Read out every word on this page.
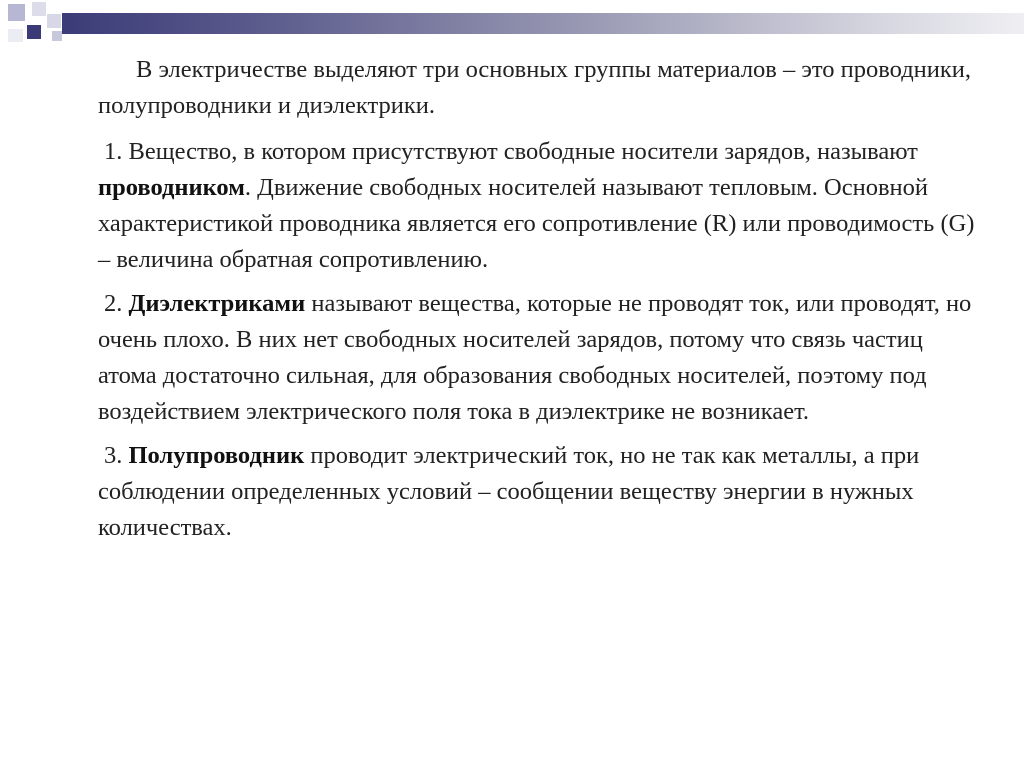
В электричестве выделяют три основных группы материалов – это проводники, полупроводники и диэлектрики.

1. Вещество, в котором присутствуют свободные носители зарядов, называют проводником. Движение свободных носителей называют тепловым. Основной характеристикой проводника является его сопротивление (R) или проводимость (G) – величина обратная сопротивлению.

2. Диэлектриками называют вещества, которые не проводят ток, или проводят, но очень плохо. В них нет свободных носителей зарядов, потому что связь частиц атома достаточно сильная, для образования свободных носителей, поэтому под воздействием электрического поля тока в диэлектрике не возникает.

3. Полупроводник проводит электрический ток, но не так как металлы, а при соблюдении определенных условий – сообщении веществу энергии в нужных количествах.
